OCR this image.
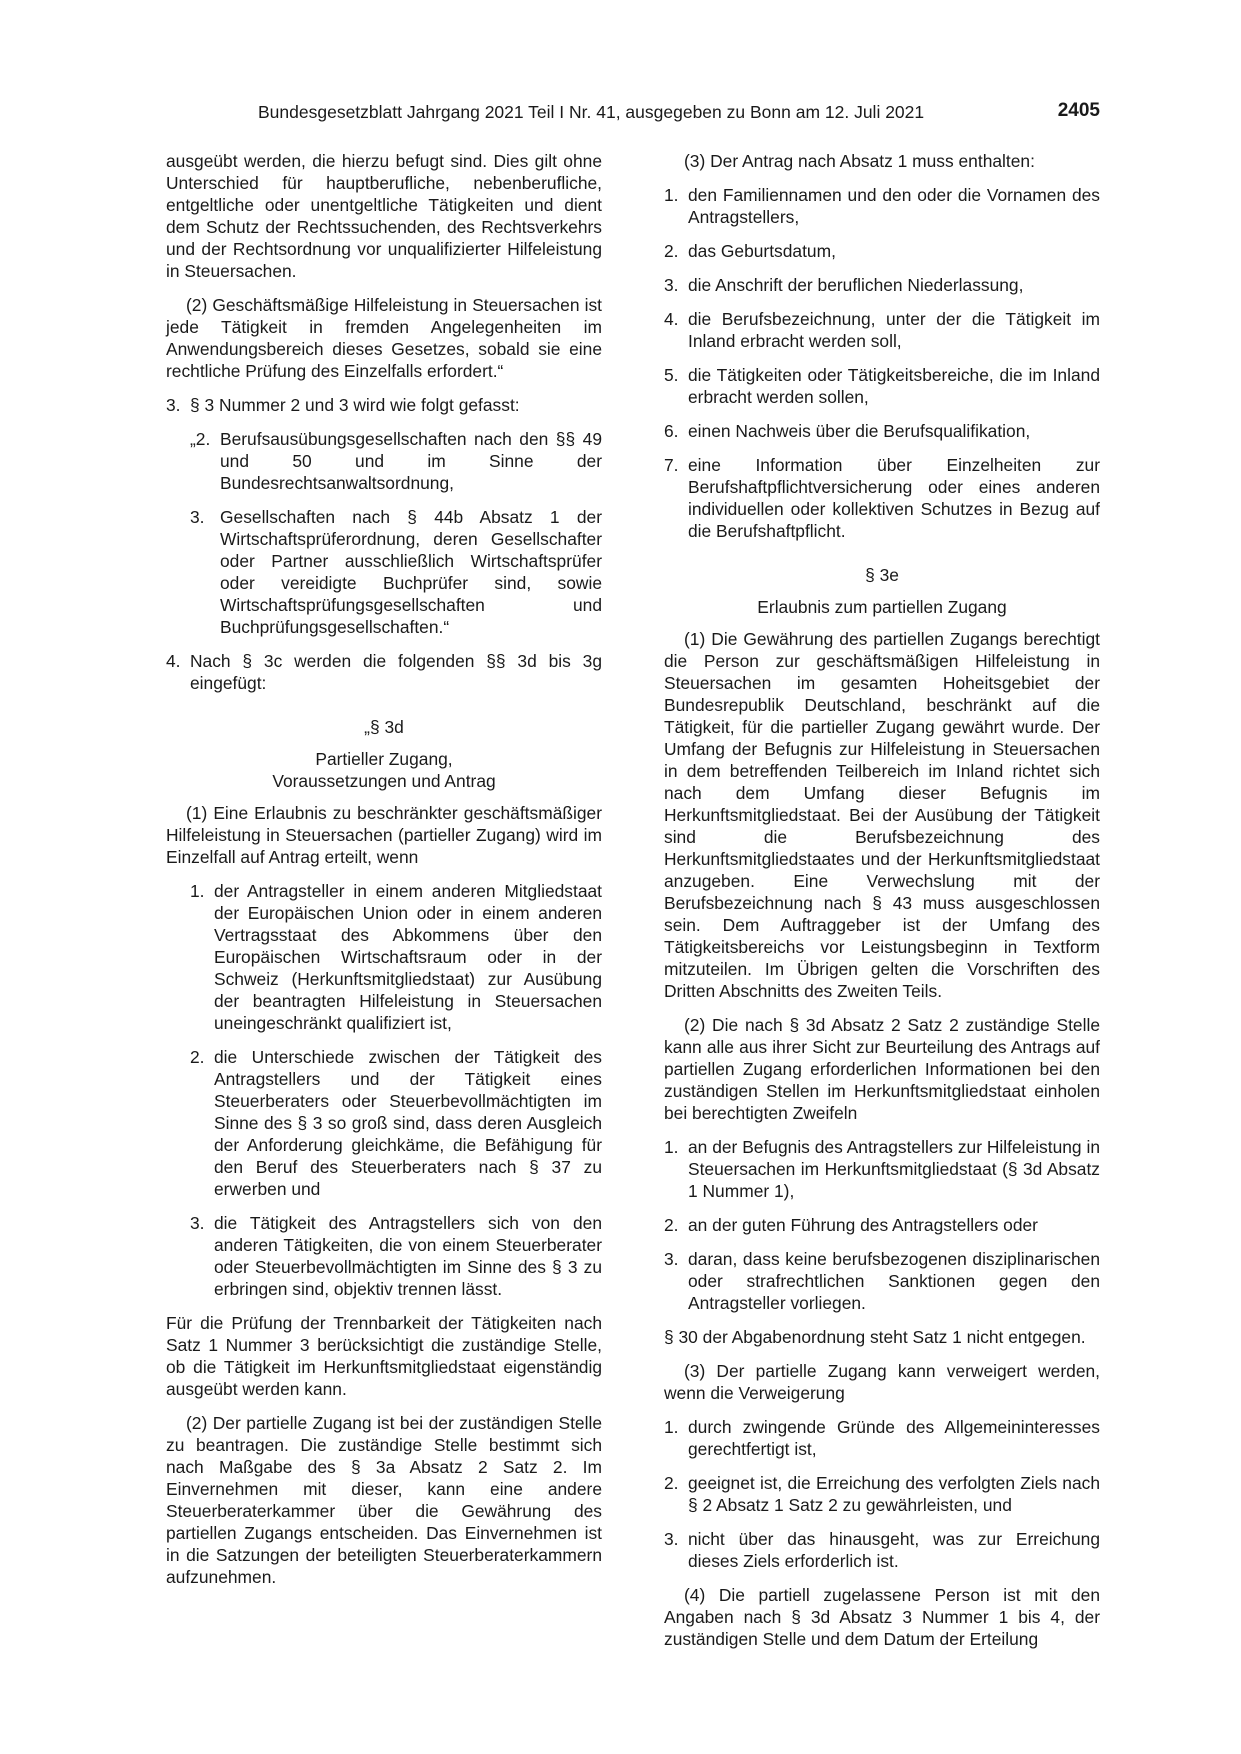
Bundesgesetzblatt Jahrgang 2021 Teil I Nr. 41, ausgegeben zu Bonn am 12. Juli 2021	2405

ausgeübt werden, die hierzu befugt sind. Dies gilt ohne Unterschied für hauptberufliche, nebenberufliche, entgeltliche oder unentgeltliche Tätigkeiten und dient dem Schutz der Rechtssuchenden, des Rechtsverkehrs und der Rechtsordnung vor unqualifizierter Hilfeleistung in Steuersachen.

(2) Geschäftsmäßige Hilfeleistung in Steuersachen ist jede Tätigkeit in fremden Angelegenheiten im Anwendungsbereich dieses Gesetzes, sobald sie eine rechtliche Prüfung des Einzelfalls erfordert.“

3. § 3 Nummer 2 und 3 wird wie folgt gefasst:
„2. Berufsausübungsgesellschaften nach den §§ 49 und 50 und im Sinne der Bundesrechtsanwaltsordnung,
3. Gesellschaften nach § 44b Absatz 1 der Wirtschaftsprüferordnung, deren Gesellschafter oder Partner ausschließlich Wirtschaftsprüfer oder vereidigte Buchprüfer sind, sowie Wirtschaftsprüfungsgesellschaften und Buchprüfungsgesellschaften.“
4. Nach § 3c werden die folgenden §§ 3d bis 3g eingefügt:
„§ 3d
Partieller Zugang,
Voraussetzungen und Antrag

(1) Eine Erlaubnis zu beschränkter geschäftsmäßiger Hilfeleistung in Steuersachen (partieller Zugang) wird im Einzelfall auf Antrag erteilt, wenn

1. der Antragsteller in einem anderen Mitgliedstaat der Europäischen Union oder in einem anderen Vertragsstaat des Abkommens über den Europäischen Wirtschaftsraum oder in der Schweiz (Herkunftsmitgliedstaat) zur Ausübung der beantragten Hilfeleistung in Steuersachen uneingeschränkt qualifiziert ist,
2. die Unterschiede zwischen der Tätigkeit des Antragstellers und der Tätigkeit eines Steuerberaters oder Steuerbevollmächtigten im Sinne des § 3 so groß sind, dass deren Ausgleich der Anforderung gleichkäme, die Befähigung für den Beruf des Steuerberaters nach § 37 zu erwerben und
3. die Tätigkeit des Antragstellers sich von den anderen Tätigkeiten, die von einem Steuerberater oder Steuerbevollmächtigten im Sinne des § 3 zu erbringen sind, objektiv trennen lässt.

Für die Prüfung der Trennbarkeit der Tätigkeiten nach Satz 1 Nummer 3 berücksichtigt die zuständige Stelle, ob die Tätigkeit im Herkunftsmitgliedstaat eigenständig ausgeübt werden kann.

(2) Der partielle Zugang ist bei der zuständigen Stelle zu beantragen. Die zuständige Stelle bestimmt sich nach Maßgabe des § 3a Absatz 2 Satz 2. Im Einvernehmen mit dieser, kann eine andere Steuerberaterkammer über die Gewährung des partiellen Zugangs entscheiden. Das Einvernehmen ist in die Satzungen der beteiligten Steuerberaterkammern aufzunehmen.

(3) Der Antrag nach Absatz 1 muss enthalten:

1. den Familiennamen und den oder die Vornamen des Antragstellers,
2. das Geburtsdatum,
3. die Anschrift der beruflichen Niederlassung,
4. die Berufsbezeichnung, unter der die Tätigkeit im Inland erbracht werden soll,
5. die Tätigkeiten oder Tätigkeitsbereiche, die im Inland erbracht werden sollen,
6. einen Nachweis über die Berufsqualifikation,
7. eine Information über Einzelheiten zur Berufshaftpflichtversicherung oder eines anderen individuellen oder kollektiven Schutzes in Bezug auf die Berufshaftpflicht.
§ 3e
Erlaubnis zum partiellen Zugang

(1) Die Gewährung des partiellen Zugangs berechtigt die Person zur geschäftsmäßigen Hilfeleistung in Steuersachen im gesamten Hoheitsgebiet der Bundesrepublik Deutschland, beschränkt auf die Tätigkeit, für die partieller Zugang gewährt wurde. Der Umfang der Befugnis zur Hilfeleistung in Steuersachen in dem betreffenden Teilbereich im Inland richtet sich nach dem Umfang dieser Befugnis im Herkunftsmitgliedstaat. Bei der Ausübung der Tätigkeit sind die Berufsbezeichnung des Herkunftsmitgliedstaates und der Herkunftsmitgliedstaat anzugeben. Eine Verwechslung mit der Berufsbezeichnung nach § 43 muss ausgeschlossen sein. Dem Auftraggeber ist der Umfang des Tätigkeitsbereichs vor Leistungsbeginn in Textform mitzuteilen. Im Übrigen gelten die Vorschriften des Dritten Abschnitts des Zweiten Teils.

(2) Die nach § 3d Absatz 2 Satz 2 zuständige Stelle kann alle aus ihrer Sicht zur Beurteilung des Antrags auf partiellen Zugang erforderlichen Informationen bei den zuständigen Stellen im Herkunftsmitgliedstaat einholen bei berechtigten Zweifeln

1. an der Befugnis des Antragstellers zur Hilfeleistung in Steuersachen im Herkunftsmitgliedstaat (§ 3d Absatz 1 Nummer 1),
2. an der guten Führung des Antragstellers oder
3. daran, dass keine berufsbezogenen disziplinarischen oder strafrechtlichen Sanktionen gegen den Antragsteller vorliegen.

§ 30 der Abgabenordnung steht Satz 1 nicht entgegen.

(3) Der partielle Zugang kann verweigert werden, wenn die Verweigerung

1. durch zwingende Gründe des Allgemeininteresses gerechtfertigt ist,
2. geeignet ist, die Erreichung des verfolgten Ziels nach § 2 Absatz 1 Satz 2 zu gewährleisten, und
3. nicht über das hinausgeht, was zur Erreichung dieses Ziels erforderlich ist.

(4) Die partiell zugelassene Person ist mit den Angaben nach § 3d Absatz 3 Nummer 1 bis 4, der zuständigen Stelle und dem Datum der Erteilung
